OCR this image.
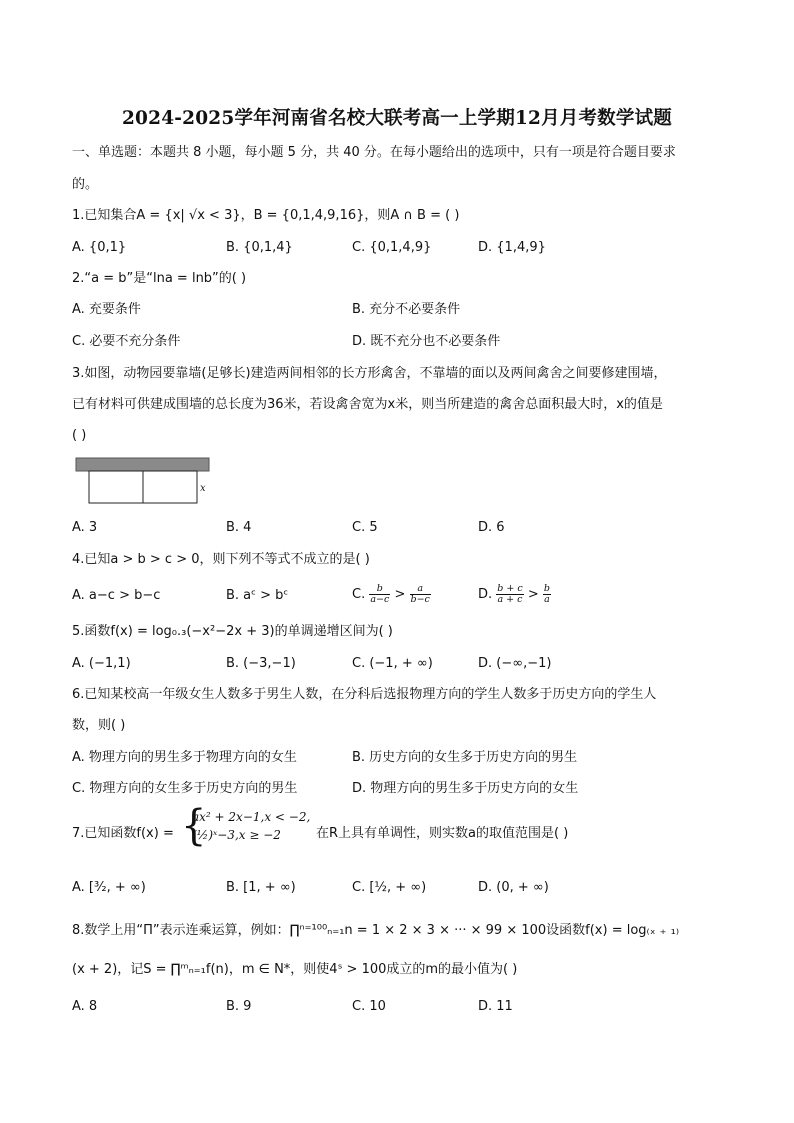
2024-2025学年河南省名校大联考高一上学期12月月考数学试题
一、单选题：本题共 8 小题，每小题 5 分，共 40 分。在每小题给出的选项中，只有一项是符合题目要求
的。
1.已知集合A = {x| √x < 3}，B = {0,1,4,9,16}，则A ∩ B = ( )
A. {0,1}	B. {0,1,4}	C. {0,1,4,9}	D. {1,4,9}
2.“a = b”是“lna = lnb”的( )
A. 充要条件	B. 充分不必要条件
C. 必要不充分条件	D. 既不充分也不必要条件
3.如图，动物园要靠墙(足够长)建造两间相邻的长方形禽舍，不靠墙的面以及两间禽舍之间要修建围墙，
已有材料可供建成围墙的总长度为36米，若设禽舍宽为x米，则当所建造的禽舍总面积最大时，x的值是
( )
x
A. 3	B. 4	C. 5	D. 6
4.已知a > b > c > 0，则下列不等式不成立的是( )
A. a−c > b−c	B. aᶜ > bᶜ	C. $\frac{b}{a-c} > \frac{a}{b-c}$	D. $\frac{b + c}{a + c} > \frac{b}{a}$
5.函数f(x) = log₀.₃(−x²−2x + 3)的单调递增区间为( )
A. (−1,1)	B. (−3,−1)	C. (−1, + ∞)	D. (−∞,−1)
6.已知某校高一年级女生人数多于男生人数，在分科后选报物理方向的学生人数多于历史方向的学生人
数，则( )
A. 物理方向的男生多于物理方向的女生	B. 历史方向的女生多于历史方向的男生
C. 物理方向的女生多于历史方向的男生	D. 物理方向的男生多于历史方向的女生
7.已知函数f(x) = {
ax² + 2x−1,x < −2,
(½)ˣ−3,x ≥ −2	在R上具有单调性，则实数a的取值范围是( )
A. [³⁄₂, + ∞)	B. [1, + ∞)	C. [½, + ∞)	D. (0, + ∞)
8.数学上用“Π”表示连乘运算，例如：∏ⁿ⁼¹⁰⁰ₙ₌₁n = 1 × 2 × 3 × ··· × 99 × 100设函数f(x) = log₍ₓ ₊ ₁₎
(x + 2)，记S = ∏ᵐₙ₌₁f(n)，m ∈ N*，则使4ˢ > 100成立的m的最小值为( )
A. 8	B. 9	C. 10	D. 11
